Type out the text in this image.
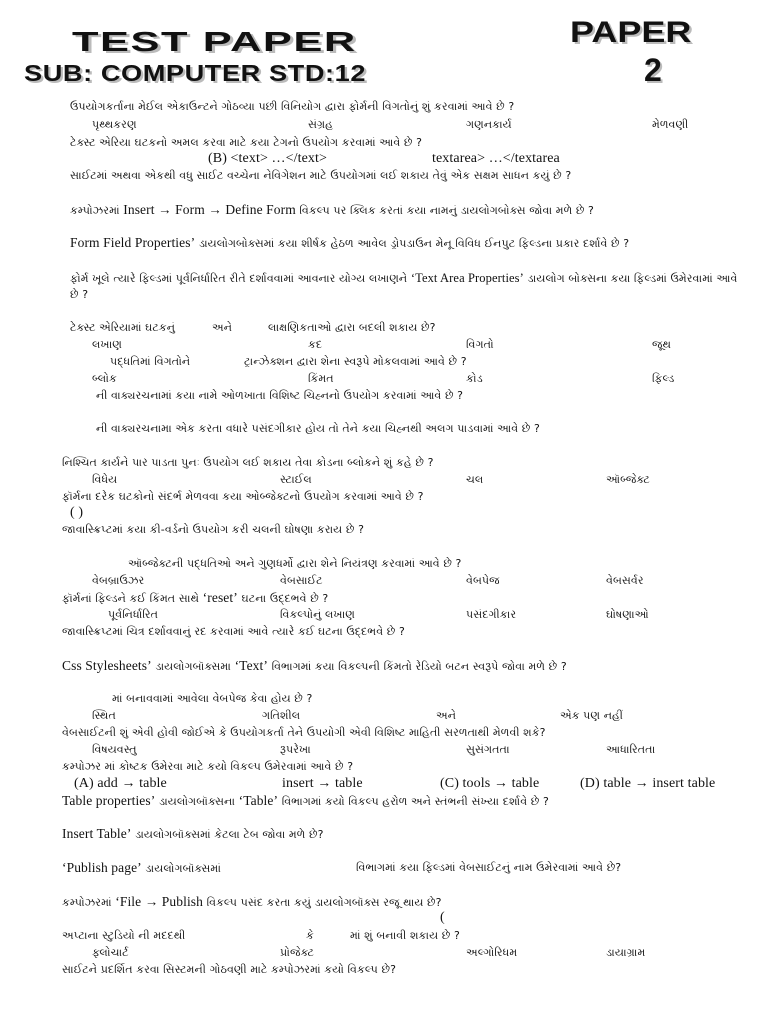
TEST PAPER
SUB: COMPUTER STD:12
PAPER
2
ઉપયોગકર્તાના મેઈલ એકાઉન્ટને ગોઠવ્યા પછી વિનિયોગ દ્વારા ફોર્મની વિગતોનું શું કરવામાં આવે છે ?
પૃથ્થકરણ	સંગ્રહ	ગણનકાર્ય	મેળવણી
ટેક્સ્ટ એરિયા ઘટકનો અમલ કરવા માટે કયા ટેગનો ઉપયોગ કરવામાં આવે છે ?
(B) <text> …</text>	textarea> …</textarea
સાઈટમાં અથવા એકથી વધુ સાઈટ વચ્ચેના નેવિગેશન માટે ઉપયોગમાં લઈ શકાય તેવું એક સક્ષમ સાધન કયું છે ?
કમ્પોઝરમાં Insert → Form → Define Form વિકલ્પ પર ક્લિક કરતાં કયા નામનું ડાયલોગબોક્સ જોવા મળે છે ?
Form Field Properties’ ડાયલોગબોક્સમાં કયા શીર્ષક હેઠળ આવેલ ડ્રોપડાઉન મેનૂ વિવિધ ઈનપુટ ફિલ્ડના પ્રકાર દર્શાવે છે ?
ફોર્મ ખૂલે ત્યારે ફિલ્ડમાં પૂર્વનિર્ધારિત રીતે દર્શાવવામાં આવનાર યોગ્ય લખાણને ‘Text Area Properties’ ડાયલોગ બોક્સના કયા ફિલ્ડમાં ઉમેરવામાં આવે
છે ?
ટેક્સ્ટ એરિયામાં ઘટકનું	અને	લાક્ષણિકતાઓ દ્વારા બદલી શકાય છે?
લખાણ	કદ	વિગતો	જૂથ
પદ્ધતિમાં વિગતોને	ટ્રાન્ઝેક્શન દ્વારા શેના સ્વરૂપે મોકલવામાં આવે છે ?
બ્લોક	કિંમત	કોડ	ફિલ્ડ
ની વાક્યરચનામાં કયા નામે ઓળખાતા વિશિષ્ટ ચિહ્નનો ઉપયોગ કરવામાં આવે છે ?
ની વાક્યરચનામા એક કરતા વધારે પસંદગીકાર હોય તો તેને કયા ચિહ્નથી અલગ પાડવામાં આવે છે ?
નિશ્ચિત કાર્યને પાર પાડતા પુનઃ ઉપયોગ લઈ શકાય તેવા કોડના બ્લોકને શું કહે છે ?
વિધેય	સ્ટાઈલ	ચલ	ઑબ્જેક્ટ
ફૉર્મના દરેક ઘટકોનો સંદર્ભ મેળવવા કયા ઓબ્જેક્ટનો ઉપયોગ કરવામાં આવે છે ?
( )
જાવાસ્ક્રિપ્ટમાં કયા કી-વર્ડનો ઉપયોગ કરી ચલની ઘોષણા કરાય છે ?
ઑબ્જેક્ટની પદ્ધતિઓ અને ગુણધર્મો દ્વારા શેને નિયંત્રણ કરવામાં આવે છે ?
વેબબ્રાઉઝર	વેબસાઈટ	વેબપેજ	વેબસર્વર
ફૉર્મનાં ફિલ્ડને કઈ કિંમત સાથે ‘reset’ ઘટના ઉદ્દભવે છે ?
પૂર્વનિર્ધારિત	વિકલ્પોનું લખાણ	પસંદગીકાર	ઘોષણાઓ
જાવાસ્ક્રિપ્ટમાં ચિત્ર દર્શાવવાનું રદ કરવામાં આવે ત્યારે કઈ ઘટના ઉદ્દભવે છે ?
Css Stylesheets’ ડાયલોગબૉક્સમા ‘Text’ વિભાગમાં કયા વિકલ્પની કિંમતો રેડિયો બટન સ્વરૂપે જોવા મળે છે ?
માં બનાવવામાં આવેલા વેબપેજ કેવા હોય છે ?
સ્થિત	ગતિશીલ	અને	એક પણ નહીં
વેબસાઈટની શું એવી હોવી જોઈએ કે ઉપયોગકર્તા તેને ઉપયોગી એવી વિશિષ્ટ માહિતી સરળતાથી મેળવી શકે?
વિષયવસ્તુ	રૂપરેખા	સુસંગતતા	આધારિતતા
કમ્પોઝર માં કોષ્ટક ઉમેરવા માટે કયો વિકલ્પ ઉમેરવામાં આવે છે ?
(A) add → table	insert → table	(C) tools → table	(D) table → insert table
Table properties’ ડાયલોગબૉક્સના ‘Table’ વિભાગમાં કયો વિકલ્પ હરોળ અને સ્તંભની સંખ્યા દર્શાવે છે ?
Insert Table’ ડાયલોગબૉક્સમાં કેટલા ટેબ જોવા મળે છે?
‘Publish page’ ડાયલોગબૉક્સમાં	વિભાગમાં કયા ફિલ્ડમાં વેબસાઈટનું નામ ઉમેરવામાં આવે છે?
કમ્પોઝરમાં ‘File → Publish વિકલ્પ પસંદ કરતા કયું ડાયલોગબૉક્સ રજૂ થાય છે?
(
અપ્ટાના સ્ટુડિયો ની મદદથી	કે	માં શું બનાવી શકાય છે ?
ફ્લોચાર્ટ	પ્રોજેક્ટ	અલ્ગોરિધમ	ડાયાગ્રામ
સાઈટને પ્રદર્શિત કરવા સિસ્ટમની ગોઠવણી માટે કમ્પોઝરમાં કયો વિકલ્પ છે?
